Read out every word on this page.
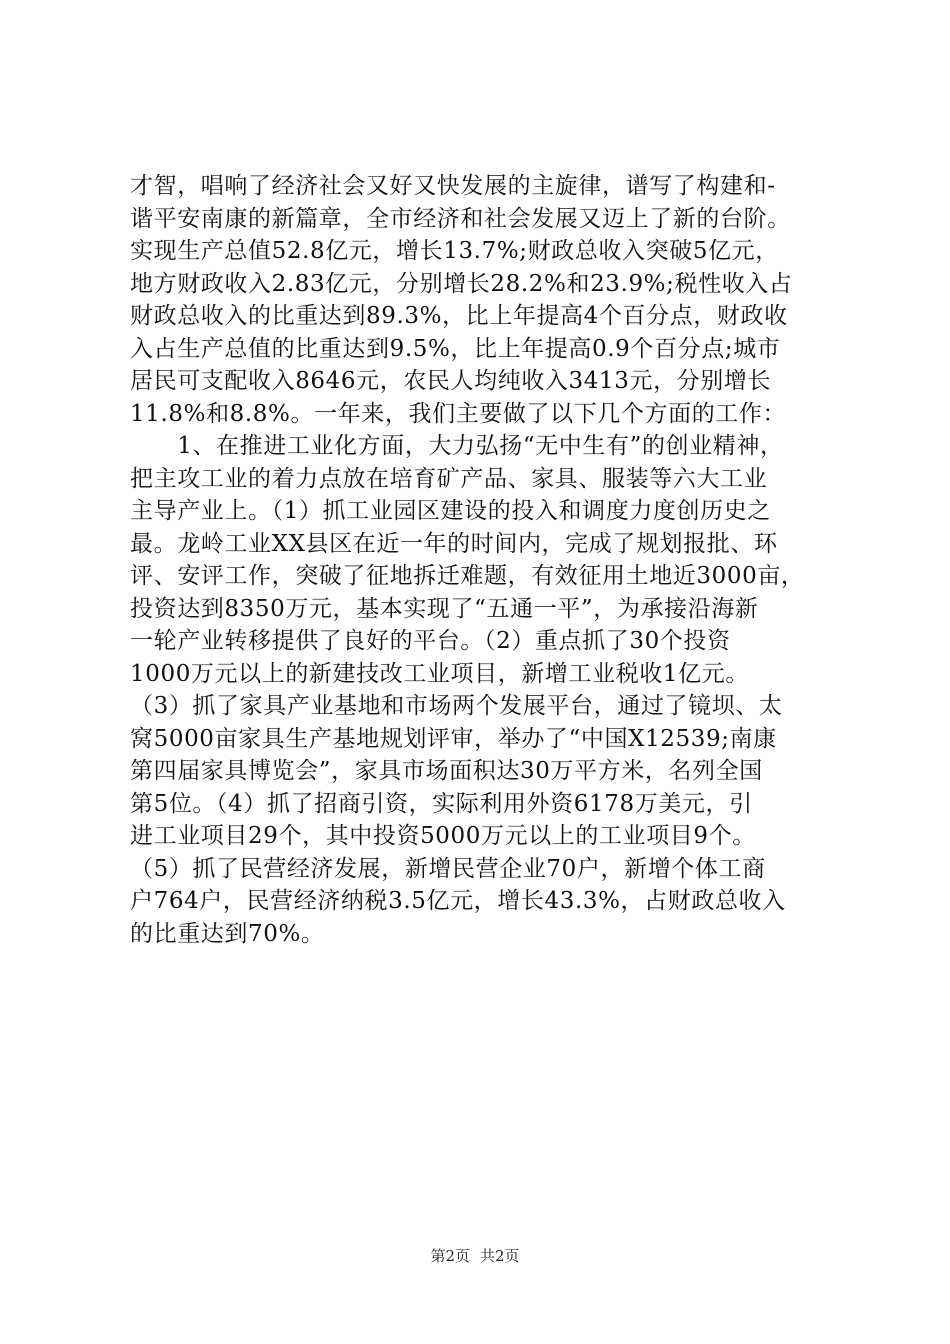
才智，唱响了经济社会又好又快发展的主旋律，谱写了构建和-
谐平安南康的新篇章，全市经济和社会发展又迈上了新的台阶。
实现生产总值52.8亿元，增长13.7%;财政总收入突破5亿元，
地方财政收入2.83亿元，分别增长28.2%和23.9%;税性收入占
财政总收入的比重达到89.3%，比上年提高4个百分点，财政收
入占生产总值的比重达到9.5%，比上年提高0.9个百分点;城市
居民可支配收入8646元，农民人均纯收入3413元，分别增长
11.8%和8.8%。一年来，我们主要做了以下几个方面的工作：
　　1、在推进工业化方面，大力弘扬“无中生有”的创业精神，
把主攻工业的着力点放在培育矿产品、家具、服装等六大工业
主导产业上。（1）抓工业园区建设的投入和调度力度创历史之
最。龙岭工业XX县区在近一年的时间内，完成了规划报批、环
评、安评工作，突破了征地拆迁难题，有效征用土地近3000亩，
投资达到8350万元，基本实现了“五通一平”，为承接沿海新
一轮产业转移提供了良好的平台。（2）重点抓了30个投资
1000万元以上的新建技改工业项目，新增工业税收1亿元。
（3）抓了家具产业基地和市场两个发展平台，通过了镜坝、太
窝5000亩家具生产基地规划评审，举办了“中国X12539;南康
第四届家具博览会”，家具市场面积达30万平方米，名列全国
第5位。（4）抓了招商引资，实际利用外资6178万美元，引
进工业项目29个，其中投资5000万元以上的工业项目9个。
（5）抓了民营经济发展，新增民营企业70户，新增个体工商
户764户，民营经济纳税3.5亿元，增长43.3%，占财政总收入
的比重达到70%。
第2页 共2页
